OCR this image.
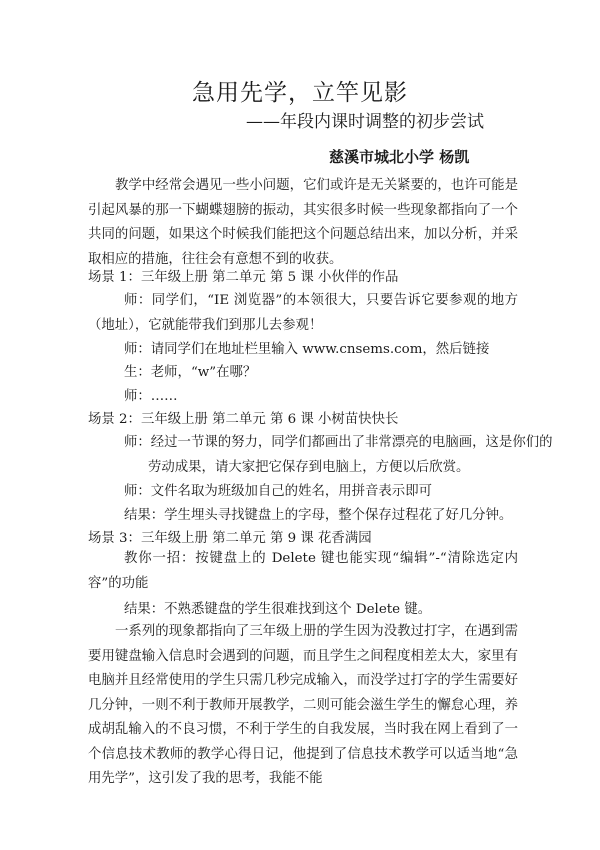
急用先学，立竿见影
——年段内课时调整的初步尝试
慈溪市城北小学 杨凯
教学中经常会遇见一些小问题，它们或许是无关紧要的，也许可能是引起风暴的那一下蝴蝶翅膀的振动，其实很多时候一些现象都指向了一个共同的问题，如果这个时候我们能把这个问题总结出来，加以分析，并采取相应的措施，往往会有意想不到的收获。
场景 1：三年级上册 第二单元 第 5 课 小伙伴的作品
师：同学们，“IE 浏览器”的本领很大，只要告诉它要参观的地方（地址），它就能带我们到那儿去参观！
师：请同学们在地址栏里输入 www.cnsems.com，然后链接
生：老师，“w”在哪？
师：……
场景 2：三年级上册 第二单元 第 6 课 小树苗快快长
师：经过一节课的努力，同学们都画出了非常漂亮的电脑画，这是你们的
劳动成果，请大家把它保存到电脑上，方便以后欣赏。
师：文件名取为班级加自己的姓名，用拼音表示即可
结果：学生埋头寻找键盘上的字母，整个保存过程花了好几分钟。
场景 3：三年级上册 第二单元 第 9 课 花香满园
教你一招：按键盘上的 Delete 键也能实现“编辑”-“清除选定内容”的功能
结果：不熟悉键盘的学生很难找到这个 Delete 键。
一系列的现象都指向了三年级上册的学生因为没教过打字，在遇到需要用键盘输入信息时会遇到的问题，而且学生之间程度相差太大，家里有电脑并且经常使用的学生只需几秒完成输入，而没学过打字的学生需要好几分钟，一则不利于教师开展教学，二则可能会滋生学生的懈怠心理，养成胡乱输入的不良习惯，不利于学生的自我发展，当时我在网上看到了一个信息技术教师的教学心得日记，他提到了信息技术教学可以适当地“急用先学”，这引发了我的思考，我能不能
